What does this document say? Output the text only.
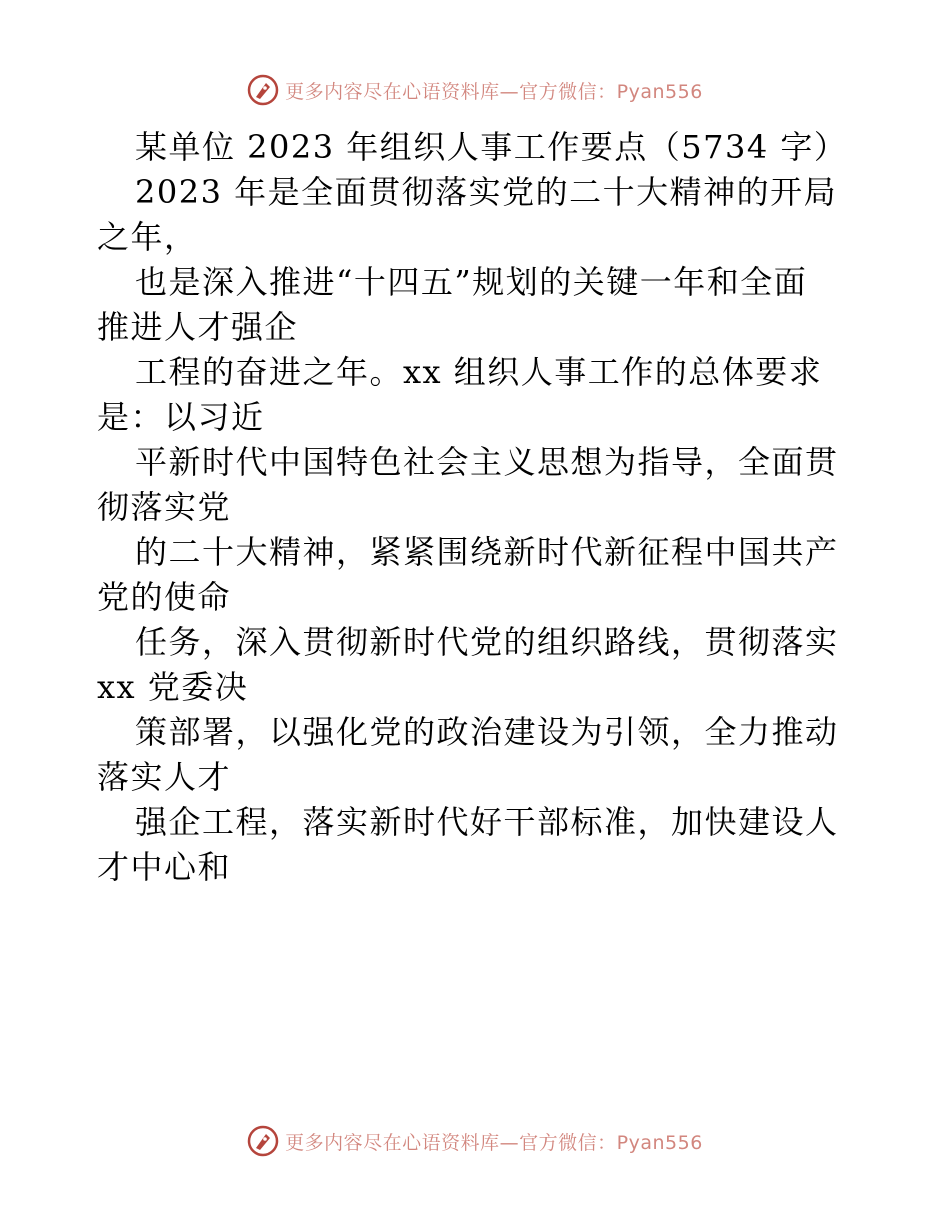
更多内容尽在心语资料库—官方微信：Pyan556
某单位 2023 年组织人事工作要点（5734 字）
2023 年是全面贯彻落实党的二十大精神的开局
之年，
也是深入推进“十四五”规划的关键一年和全面
推进人才强企
工程的奋进之年。xx 组织人事工作的总体要求
是：以习近
平新时代中国特色社会主义思想为指导，全面贯
彻落实党
的二十大精神，紧紧围绕新时代新征程中国共产
党的使命
任务，深入贯彻新时代党的组织路线，贯彻落实
xx 党委决
策部署，以强化党的政治建设为引领，全力推动
落实人才
强企工程，落实新时代好干部标准，加快建设人
才中心和
更多内容尽在心语资料库—官方微信：Pyan556
